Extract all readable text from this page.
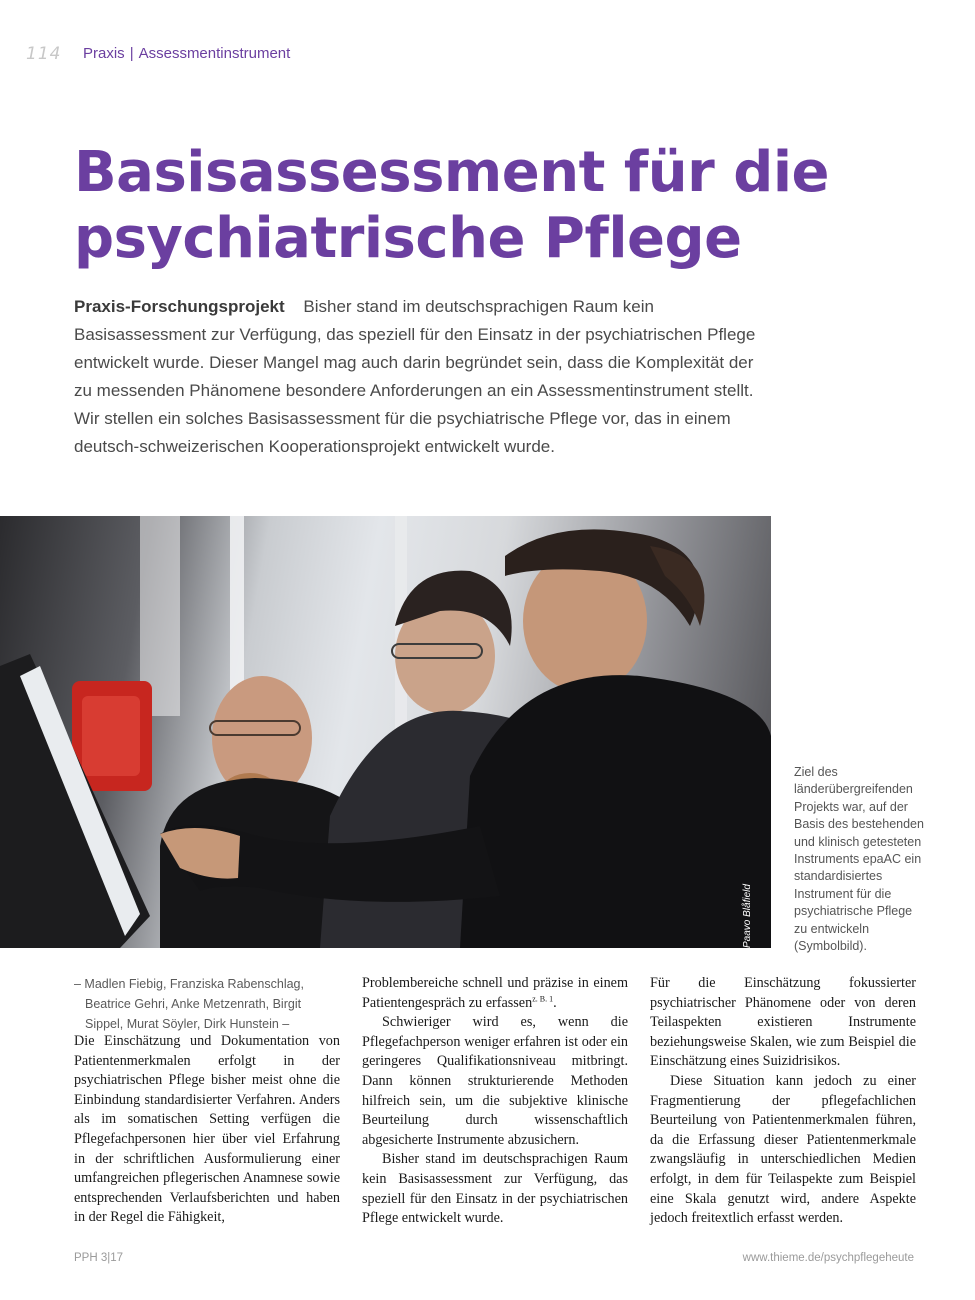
114 Praxis | Assessmentinstrument
Basisassessment für die psychiatrische Pflege

Praxis-Forschungsprojekt Bisher stand im deutschsprachigen Raum kein Basisassessment zur Verfügung, das speziell für den Einsatz in der psychiatrischen Pflege entwickelt wurde. Dieser Mangel mag auch darin begründet sein, dass die Komplexität der zu messenden Phänomene besondere Anforderungen an ein Assessmentinstrument stellt. Wir stellen ein solches Basisassessment für die psychiatrische Pflege vor, das in einem deutsch-schweizerischen Kooperationsprojekt entwickelt wurde.

Paavo Blåfield

Ziel des länderübergreifenden Projekts war, auf der Basis des bestehenden und klinisch getesteten Instruments epaAC ein standardisiertes Instrument für die psychiatrische Pflege zu entwickeln (Symbolbild).

– Madlen Fiebig, Franziska Rabenschlag,
Beatrice Gehri, Anke Metzenrath, Birgit
Sippel, Murat Söyler, Dirk Hunstein –

Die Einschätzung und Dokumentation von Patientenmerkmalen erfolgt in der psychiatrischen Pflege bisher meist ohne die Einbindung standardisierter Verfahren. Anders als im somatischen Setting verfügen die Pflegefachpersonen hier über viel Erfahrung in der schriftlichen Ausformulierung einer umfangreichen pflegerischen Anamnese sowie entsprechenden Verlaufsberichten und haben in der Regel die Fähigkeit,

Problembereiche schnell und präzise in einem Patientengespräch zu erfassen$^{z. B. 1}$.

Schwieriger wird es, wenn die Pflegefachperson weniger erfahren ist oder ein geringeres Qualifikationsniveau mitbringt. Dann können strukturierende Methoden hilfreich sein, um die subjektive klinische Beurteilung durch wissenschaftlich abgesicherte Instrumente abzusichern.

Bisher stand im deutschsprachigen Raum kein Basisassessment zur Verfügung, das speziell für den Einsatz in der psychiatrischen Pflege entwickelt wurde.

Für die Einschätzung fokussierter psychiatrischer Phänomene oder von deren Teilaspekten existieren Instrumente beziehungsweise Skalen, wie zum Beispiel die Einschätzung eines Suizidrisikos.

Diese Situation kann jedoch zu einer Fragmentierung der pflegefachlichen Beurteilung von Patientenmerkmalen führen, da die Erfassung dieser Patientenmerkmale zwangsläufig in unterschiedlichen Medien erfolgt, in dem für Teilaspekte zum Beispiel eine Skala genutzt wird, andere Aspekte jedoch freitextlich erfasst werden.

PPH 3|17	www.thieme.de/psychpflegeheute
